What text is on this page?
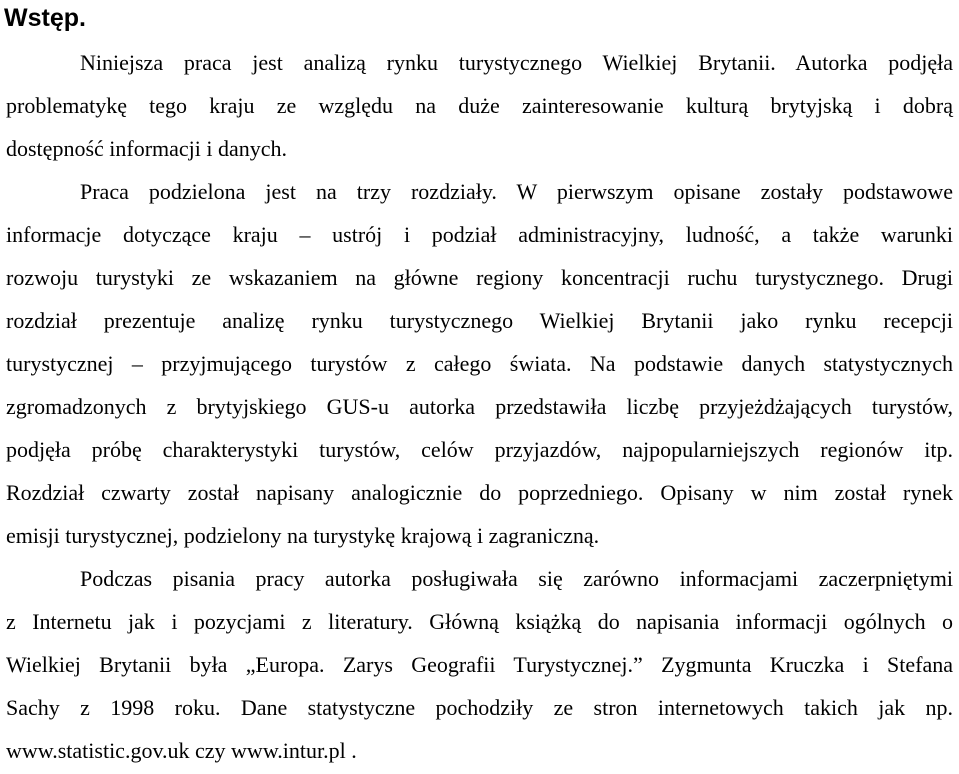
Wstęp.

Niniejsza praca jest analizą rynku turystycznego Wielkiej Brytanii. Autorka podjęła

problematykę tego kraju ze względu na duże zainteresowanie kulturą brytyjską i dobrą

dostępność informacji i danych.

Praca podzielona jest na trzy rozdziały. W pierwszym opisane zostały podstawowe

informacje dotyczące kraju – ustrój i podział administracyjny, ludność, a także warunki

rozwoju turystyki ze wskazaniem na główne regiony koncentracji ruchu turystycznego. Drugi

rozdział prezentuje analizę rynku turystycznego Wielkiej Brytanii jako rynku recepcji

turystycznej – przyjmującego turystów z całego świata. Na podstawie danych statystycznych

zgromadzonych z brytyjskiego GUS-u autorka przedstawiła liczbę przyjeżdżających turystów,

podjęła próbę charakterystyki turystów, celów przyjazdów, najpopularniejszych regionów itp.

Rozdział czwarty został napisany analogicznie do poprzedniego. Opisany w nim został rynek

emisji turystycznej, podzielony na turystykę krajową i zagraniczną.

Podczas pisania pracy autorka posługiwała się zarówno informacjami zaczerpniętymi

z Internetu jak i pozycjami z literatury. Główną książką do napisania informacji ogólnych o

Wielkiej Brytanii była „Europa. Zarys Geografii Turystycznej.” Zygmunta Kruczka i Stefana

Sachy z 1998 roku. Dane statystyczne pochodziły ze stron internetowych takich jak np.

www.statistic.gov.uk czy www.intur.pl .
